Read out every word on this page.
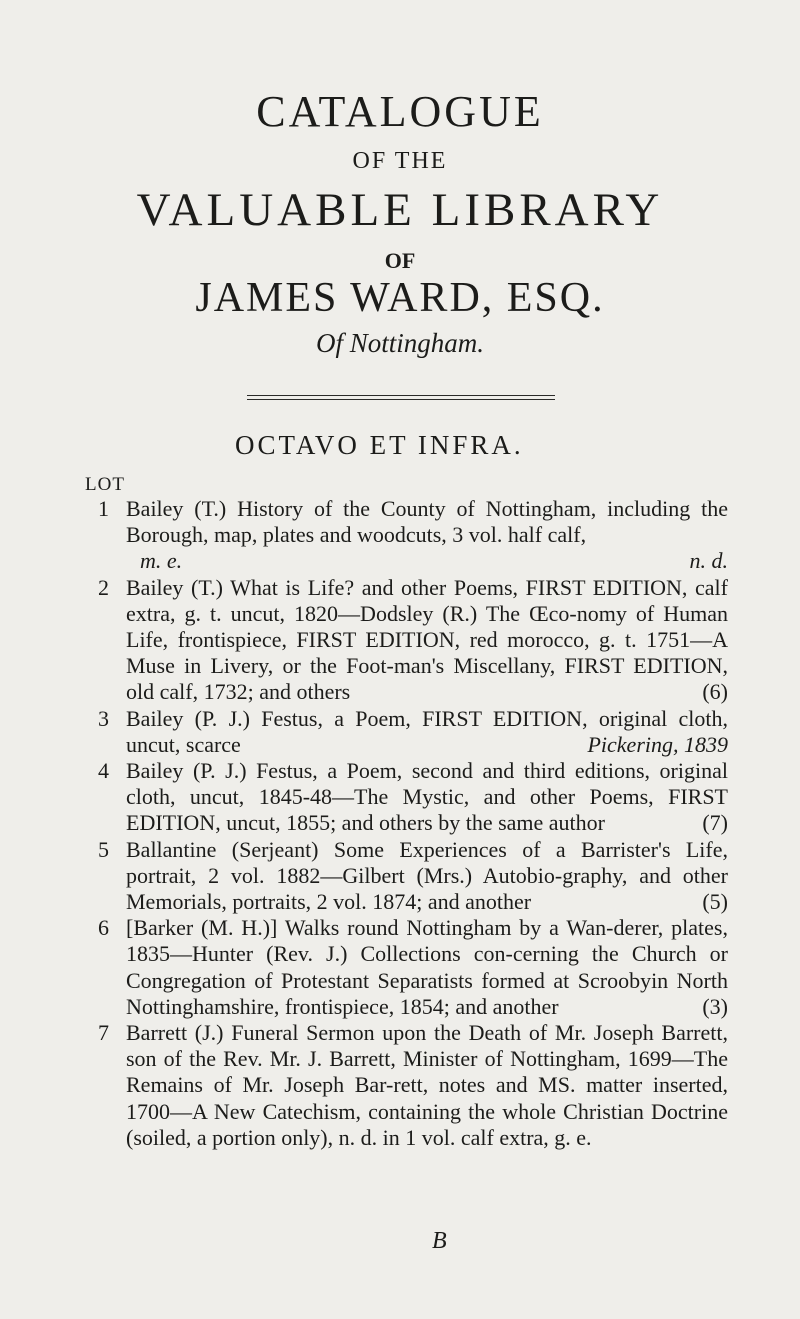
CATALOGUE
OF THE
VALUABLE LIBRARY
OF
JAMES WARD, ESQ.
Of Nottingham.
OCTAVO ET INFRA.
LOT
1 Bailey (T.) History of the County of Nottingham, including the Borough, map, plates and woodcuts, 3 vol. half calf,
m. e.	n. d.
2 Bailey (T.) What is Life? and other Poems, FIRST EDITION, calf extra, g. t. uncut, 1820—Dodsley (R.) The Œco-nomy of Human Life, frontispiece, FIRST EDITION, red morocco, g. t. 1751—A Muse in Livery, or the Foot-man's Miscellany, FIRST EDITION, old calf, 1732; and others	(6)
3 Bailey (P. J.) Festus, a Poem, FIRST EDITION, original cloth, uncut, scarce	Pickering, 1839
4 Bailey (P. J.) Festus, a Poem, second and third editions, original cloth, uncut, 1845-48—The Mystic, and other Poems, FIRST EDITION, uncut, 1855; and others by the same author	(7)
5 Ballantine (Serjeant) Some Experiences of a Barrister's Life, portrait, 2 vol. 1882—Gilbert (Mrs.) Autobio-graphy, and other Memorials, portraits, 2 vol. 1874; and another	(5)
6 [Barker (M. H.)] Walks round Nottingham by a Wan-derer, plates, 1835—Hunter (Rev. J.) Collections con-cerning the Church or Congregation of Protestant Separatists formed at Scroobyin North Nottinghamshire, frontispiece, 1854; and another	(3)
7 Barrett (J.) Funeral Sermon upon the Death of Mr. Joseph Barrett, son of the Rev. Mr. J. Barrett, Minister of Nottingham, 1699—The Remains of Mr. Joseph Bar-rett, notes and MS. matter inserted, 1700—A New Catechism, containing the whole Christian Doctrine (soiled, a portion only), n. d. in 1 vol. calf extra, g. e.
B
